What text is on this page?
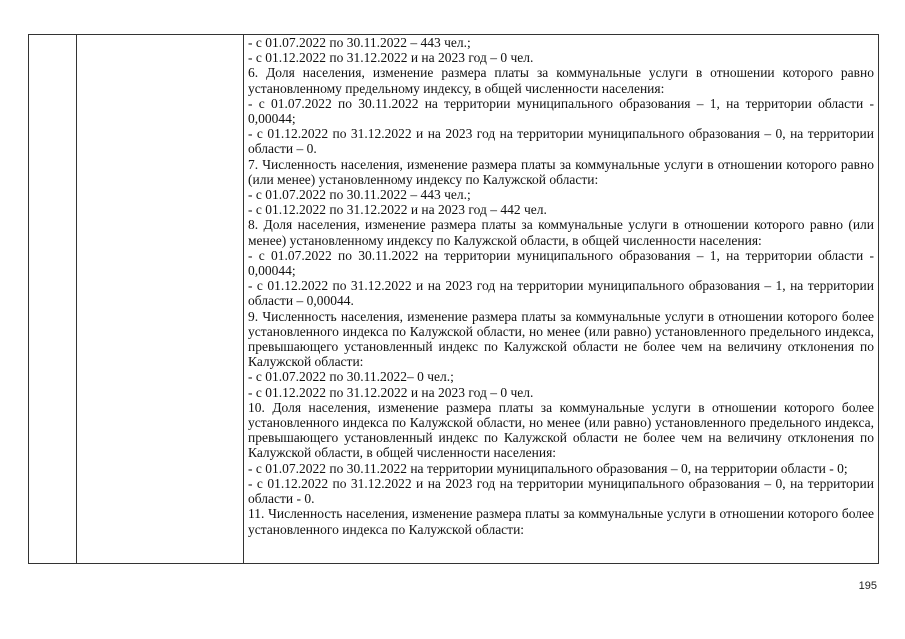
- с 01.07.2022 по 30.11.2022 – 443 чел.;

- с 01.12.2022 по 31.12.2022 и на 2023 год – 0 чел.

6. Доля населения, изменение размера платы за коммунальные услуги в отношении которого равно установленному предельному индексу, в общей численности населения:

- с 01.07.2022 по 30.11.2022 на территории муниципального образования – 1, на территории области - 0,00044;

- с 01.12.2022 по 31.12.2022 и на 2023 год на территории муниципального образования – 0, на территории области – 0.

7. Численность населения, изменение размера платы за коммунальные услуги в отношении которого равно (или менее) установленному индексу по Калужской области:

- с 01.07.2022 по 30.11.2022 – 443 чел.;

- с 01.12.2022 по 31.12.2022 и на 2023 год – 442 чел.

8. Доля населения, изменение размера платы за коммунальные услуги в отношении которого равно (или менее) установленному индексу по Калужской области, в общей численности населения:

- с 01.07.2022 по 30.11.2022 на территории муниципального образования – 1, на территории области - 0,00044;

- с 01.12.2022 по 31.12.2022 и на 2023 год на территории муниципального образования – 1, на территории области – 0,00044.

9. Численность населения, изменение размера платы за коммунальные услуги в отношении которого более установленного индекса по Калужской области, но менее (или равно) установленного предельного индекса, превышающего установленный индекс по Калужской области не более чем на величину отклонения по Калужской области:

- с 01.07.2022 по 30.11.2022– 0 чел.;

- с 01.12.2022 по 31.12.2022 и на 2023 год – 0 чел.

10. Доля населения, изменение размера платы за коммунальные услуги в отношении которого более установленного индекса по Калужской области, но менее (или равно) установленного предельного индекса, превышающего установленный индекс по Калужской области не более чем на величину отклонения по Калужской области, в общей численности населения:

- с 01.07.2022 по 30.11.2022 на территории муниципального образования – 0, на территории области - 0;

- с 01.12.2022 по 31.12.2022 и на 2023 год на территории муниципального образования – 0, на территории области - 0.

11. Численность населения, изменение размера платы за коммунальные услуги в отношении которого более установленного индекса по Калужской области:

195
